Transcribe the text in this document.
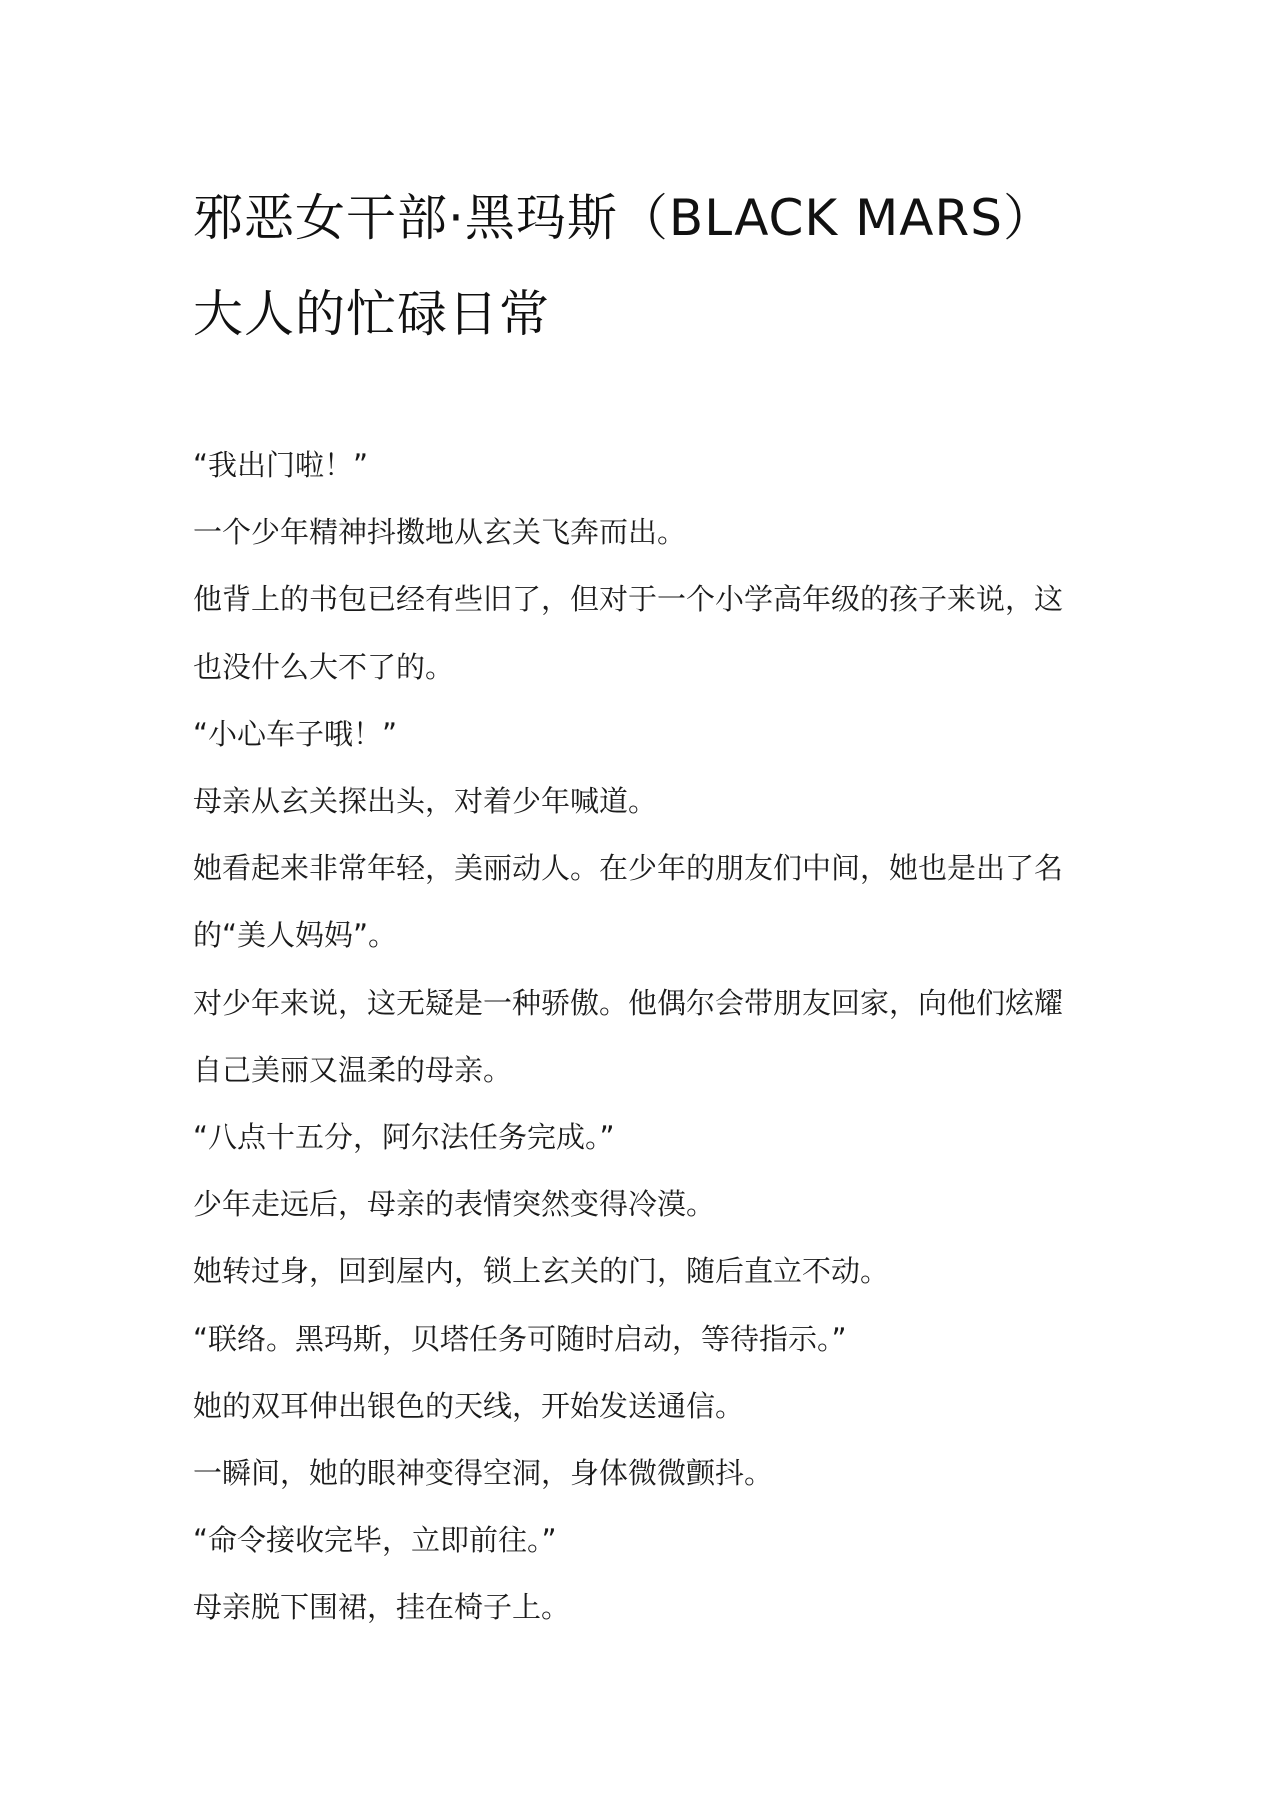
邪恶女干部·黑玛斯（BLACK MARS）
大人的忙碌日常

“我出门啦！”

一个少年精神抖擞地从玄关飞奔而出。

他背上的书包已经有些旧了，但对于一个小学高年级的孩子来说，这

也没什么大不了的。

“小心车子哦！”

母亲从玄关探出头，对着少年喊道。

她看起来非常年轻，美丽动人。在少年的朋友们中间，她也是出了名

的“美人妈妈”。

对少年来说，这无疑是一种骄傲。他偶尔会带朋友回家，向他们炫耀

自己美丽又温柔的母亲。

“八点十五分，阿尔法任务完成。”

少年走远后，母亲的表情突然变得冷漠。

她转过身，回到屋内，锁上玄关的门，随后直立不动。

“联络。黑玛斯，贝塔任务可随时启动，等待指示。”

她的双耳伸出银色的天线，开始发送通信。

一瞬间，她的眼神变得空洞，身体微微颤抖。

“命令接收完毕，立即前往。”

母亲脱下围裙，挂在椅子上。
